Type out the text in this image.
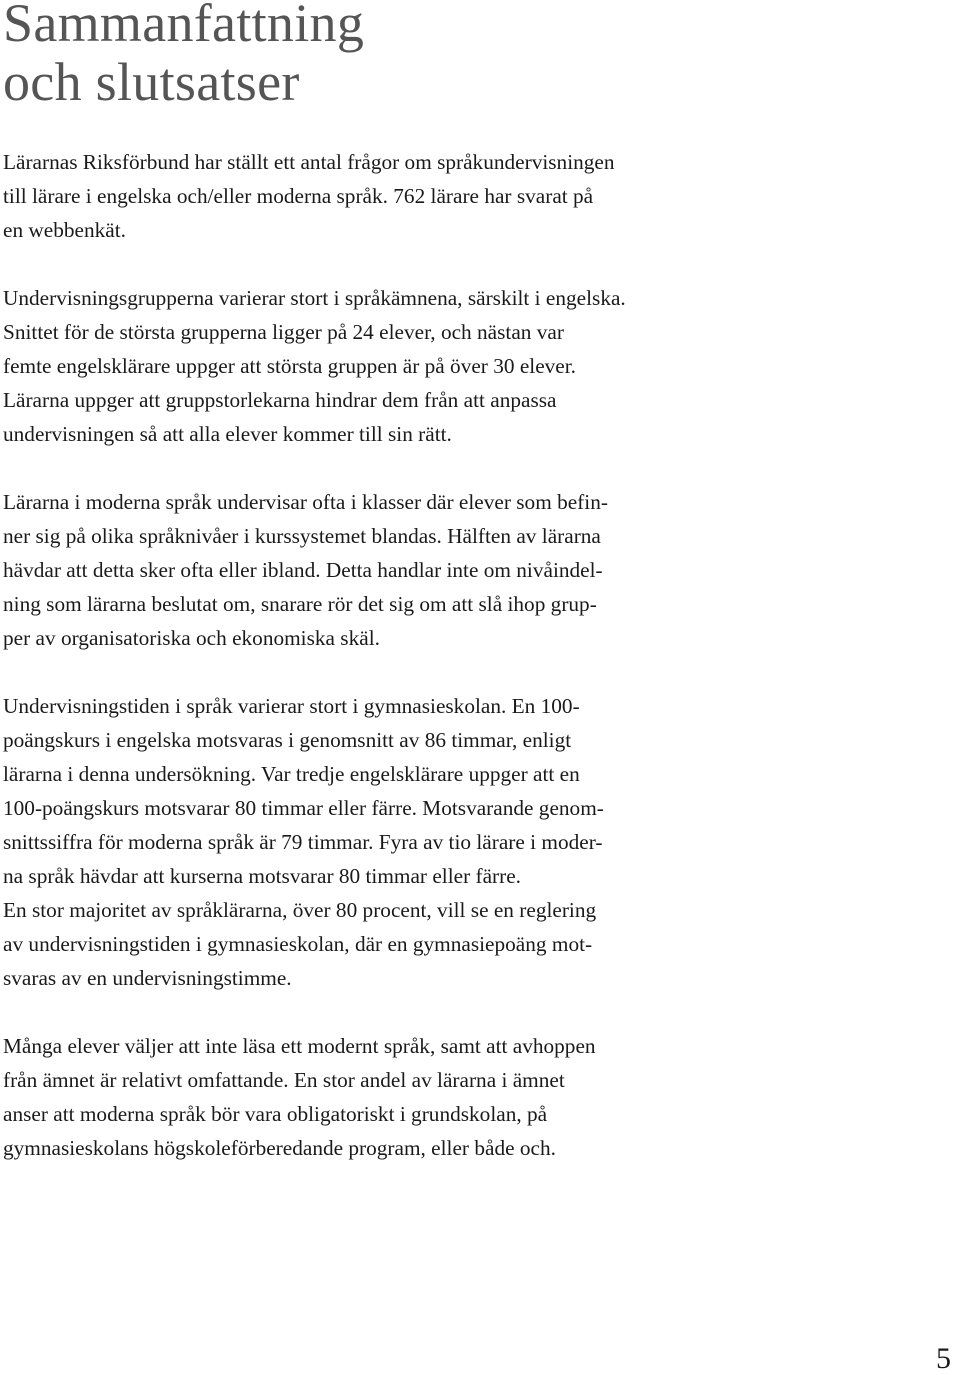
Sammanfattning
och slutsatser

Lärarnas Riksförbund har ställt ett antal frågor om språkundervisningen
till lärare i engelska och/eller moderna språk. 762 lärare har svarat på
en webbenkät.

Undervisningsgrupperna varierar stort i språkämnena, särskilt i engelska.
Snittet för de största grupperna ligger på 24 elever, och nästan var
femte engelsklärare uppger att största gruppen är på över 30 elever.
Lärarna uppger att gruppstorlekarna hindrar dem från att anpassa
undervisningen så att alla elever kommer till sin rätt.

Lärarna i moderna språk undervisar ofta i klasser där elever som befin-
ner sig på olika språknivåer i kurssystemet blandas. Hälften av lärarna
hävdar att detta sker ofta eller ibland. Detta handlar inte om nivåindel-
ning som lärarna beslutat om, snarare rör det sig om att slå ihop grup-
per av organisatoriska och ekonomiska skäl.

Undervisningstiden i språk varierar stort i gymnasieskolan. En 100-
poängskurs i engelska motsvaras i genomsnitt av 86 timmar, enligt
lärarna i denna undersökning. Var tredje engelsklärare uppger att en
100-poängskurs motsvarar 80 timmar eller färre. Motsvarande genom-
snittssiffra för moderna språk är 79 timmar. Fyra av tio lärare i moder-
na språk hävdar att kurserna motsvarar 80 timmar eller färre.
En stor majoritet av språklärarna, över 80 procent, vill se en reglering
av undervisningstiden i gymnasieskolan, där en gymnasiepoäng mot-
svaras av en undervisningstimme.

Många elever väljer att inte läsa ett modernt språk, samt att avhoppen
från ämnet är relativt omfattande. En stor andel av lärarna i ämnet
anser att moderna språk bör vara obligatoriskt i grundskolan, på
gymnasieskolans högskoleförberedande program, eller både och.

5
